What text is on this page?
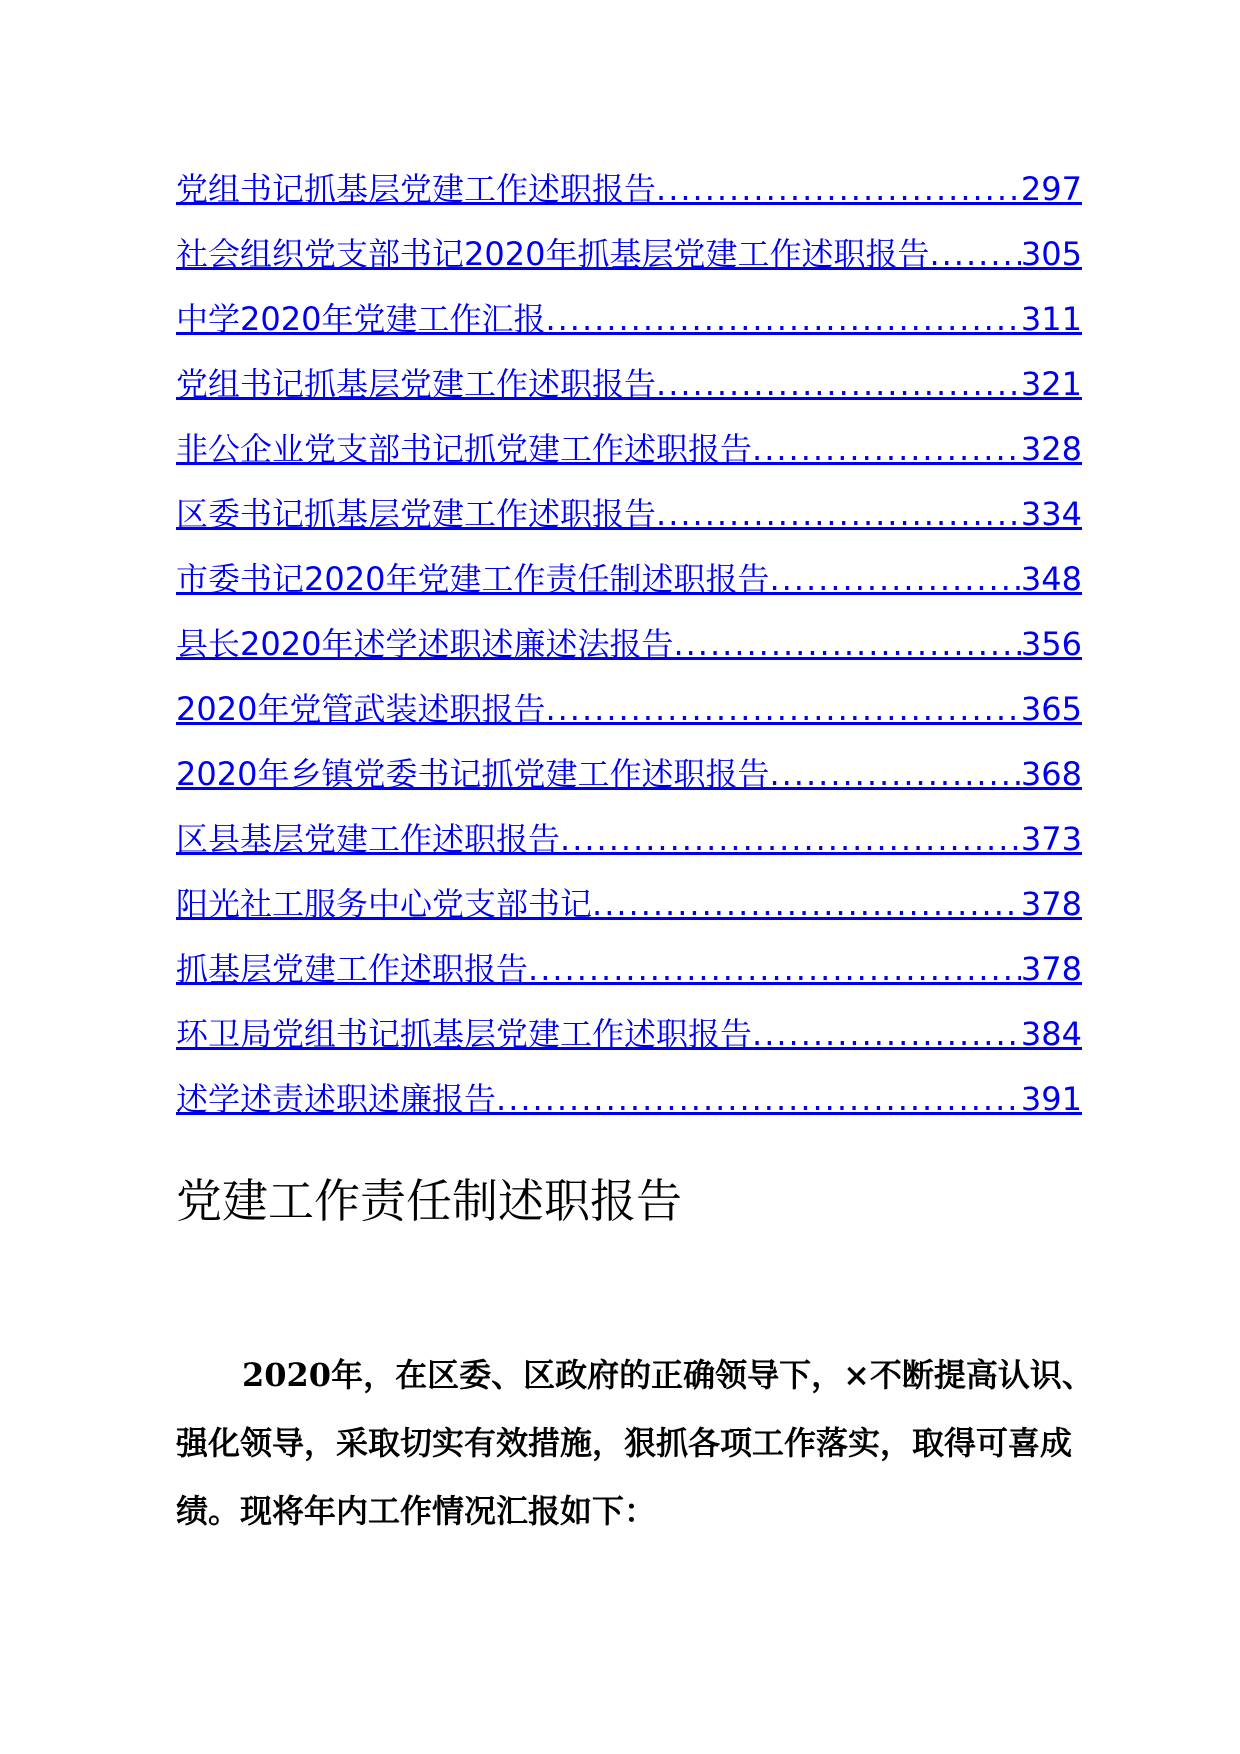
党组书记抓基层党建工作述职报告 .....	297
社会组织党支部书记2020年抓基层党建工作述职报告 .....	305
中学2020年党建工作汇报 .....	311
党组书记抓基层党建工作述职报告 .....	321
非公企业党支部书记抓党建工作述职报告 .....	328
区委书记抓基层党建工作述职报告 .....	334
市委书记2020年党建工作责任制述职报告 .....	348
县长2020年述学述职述廉述法报告 .....	356
2020年党管武装述职报告 .....	365
2020年乡镇党委书记抓党建工作述职报告 .....	368
区县基层党建工作述职报告 .....	373
阳光社工服务中心党支部书记 .....	378
抓基层党建工作述职报告 .....	378
环卫局党组书记抓基层党建工作述职报告 .....	384
述学述责述职述廉报告 .....	391
党建工作责任制述职报告

2020年，在区委、区政府的正确领导下，×不断提高认识、强化领导，采取切实有效措施，狠抓各项工作落实，取得可喜成绩。现将年内工作情况汇报如下：
